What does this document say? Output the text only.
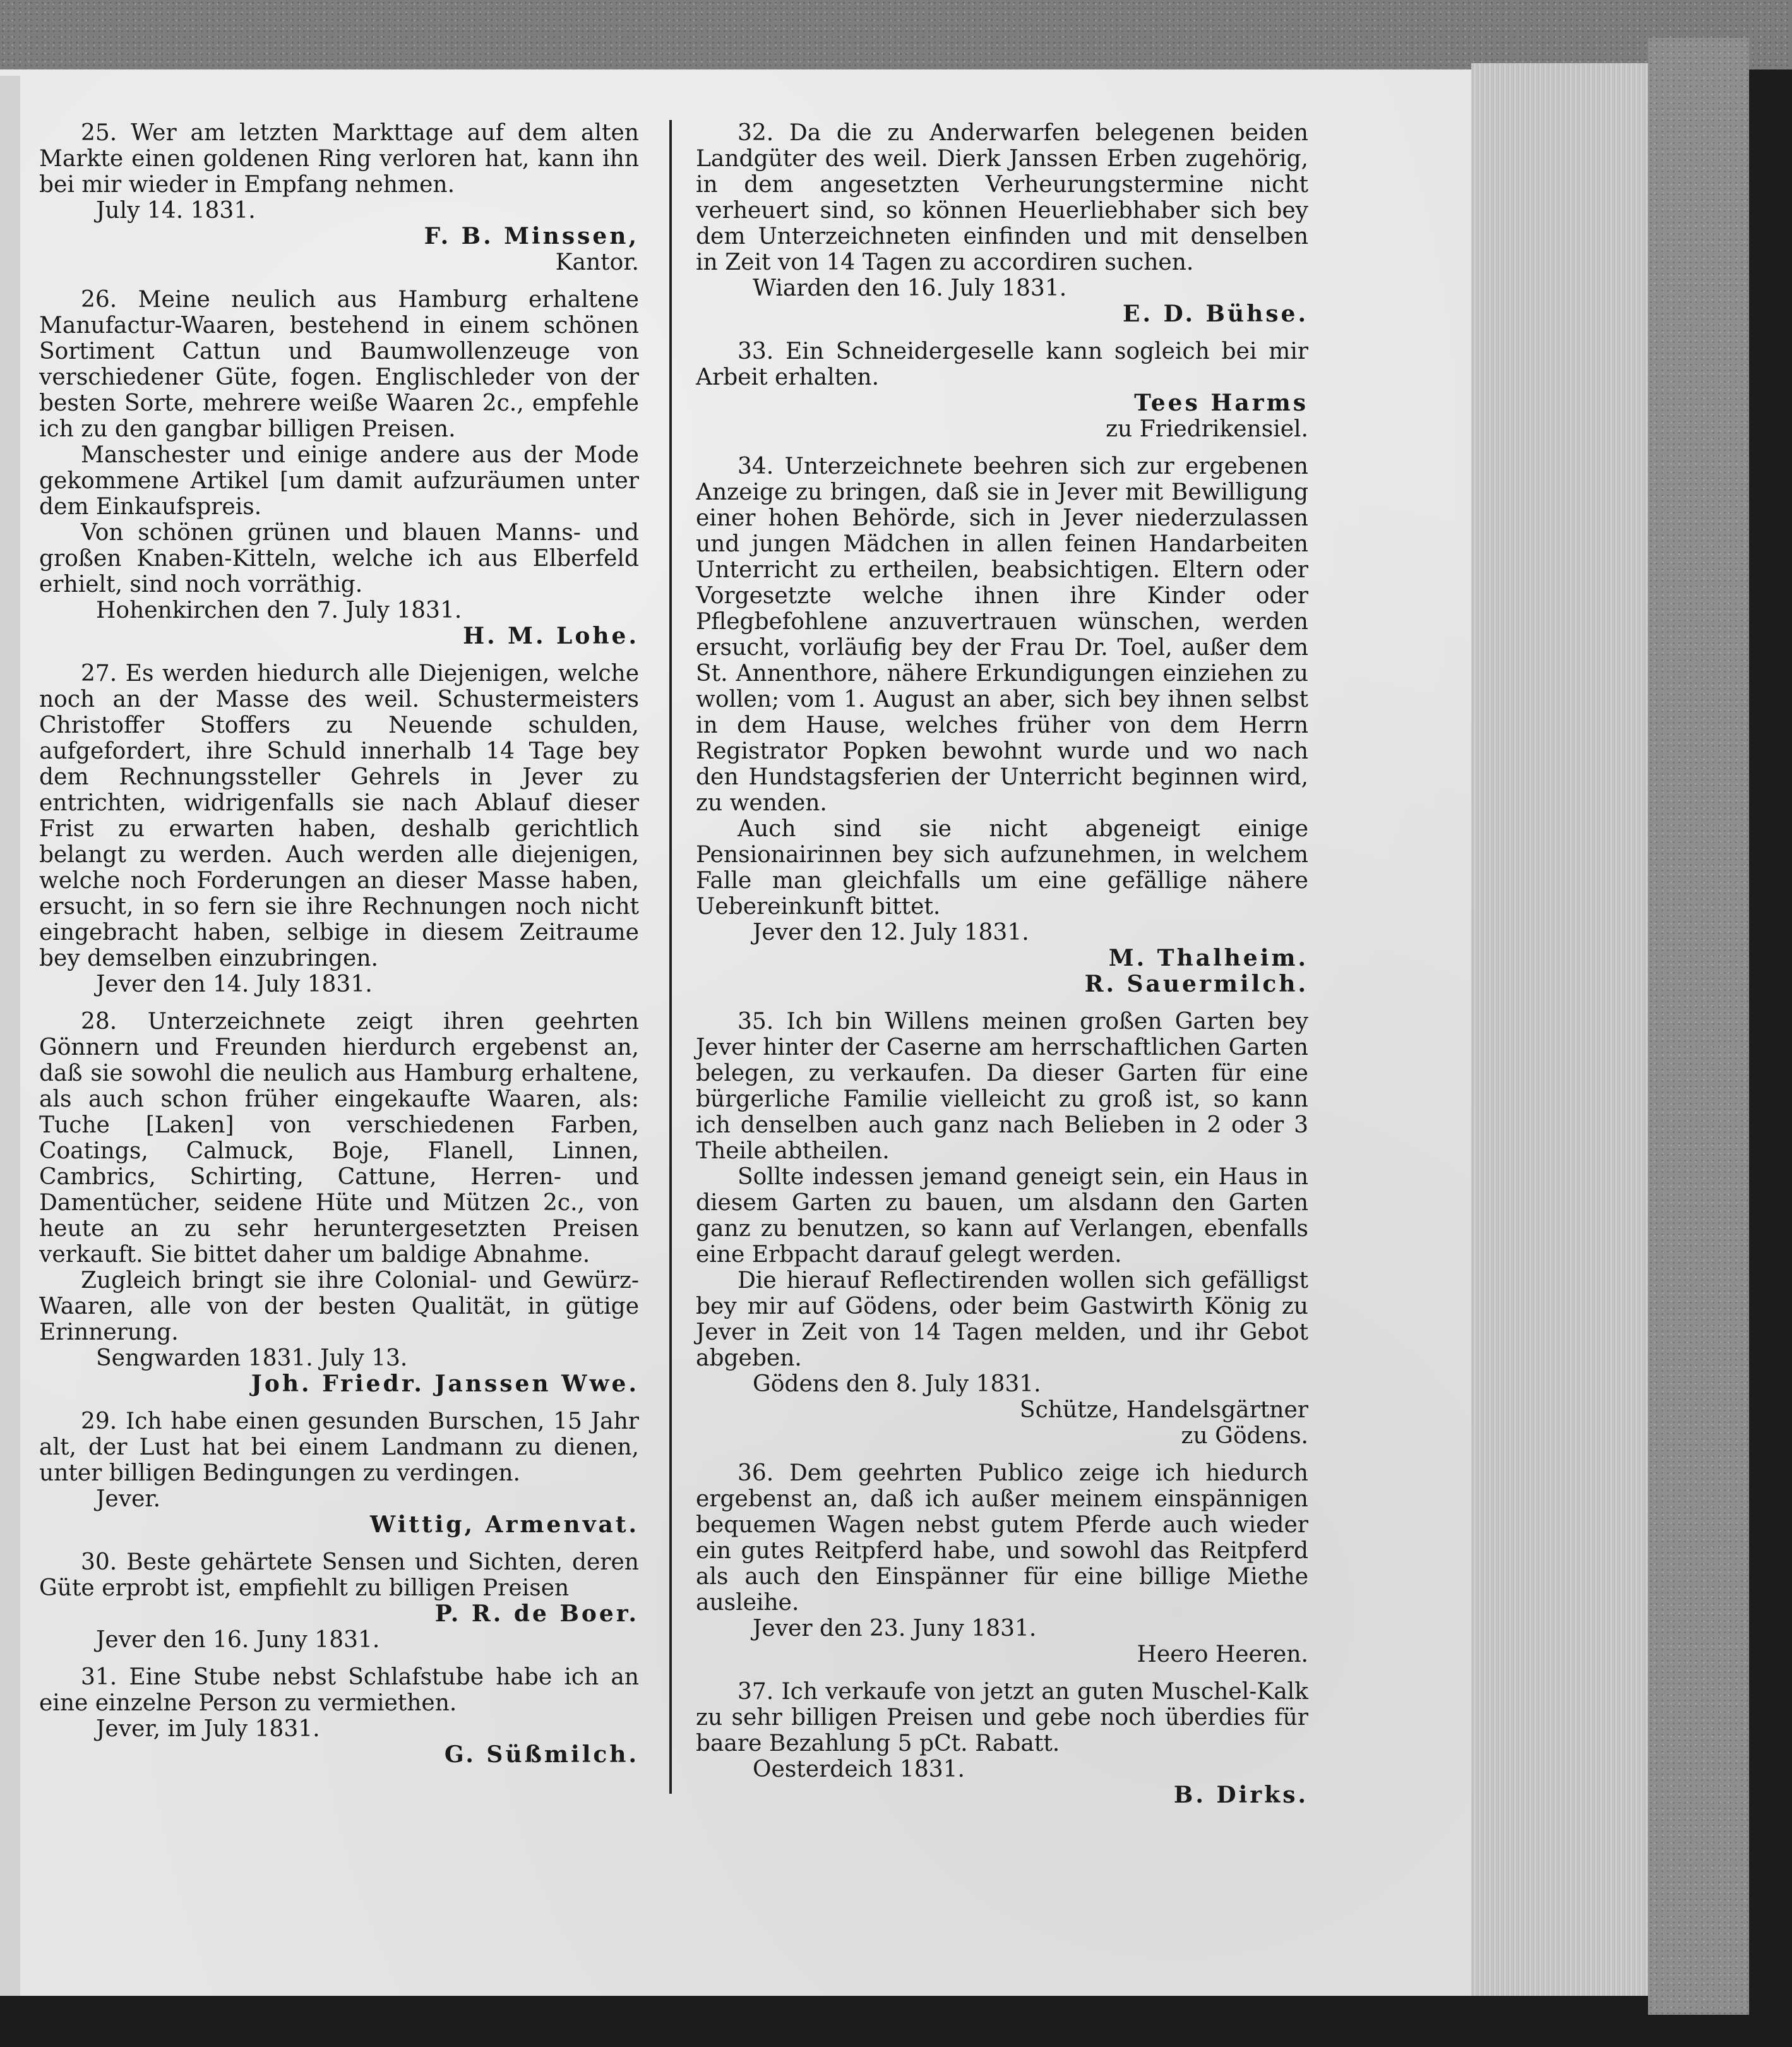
25. Wer am letzten Markttage auf dem alten Markte einen goldenen Ring verloren hat, kann ihn bei mir wieder in Empfang nehmen.

July 14. 1831.
F. B. Minssen,
Kantor.

26. Meine neulich aus Hamburg erhaltene Manufactur-Waaren, bestehend in einem schönen Sortiment Cattun und Baumwollenzeuge von verschiedener Güte, fogen. Englischleder von der besten Sorte, mehrere weiße Waaren 2c., empfehle ich zu den gangbar billigen Preisen.

Manschester und einige andere aus der Mode gekommene Artikel [um damit aufzuräumen unter dem Einkaufspreis.

Von schönen grünen und blauen Manns- und großen Knaben-Kitteln, welche ich aus Elberfeld erhielt, sind noch vorräthig.

Hohenkirchen den 7. July 1831.
H. M. Lohe.

27. Es werden hiedurch alle Diejenigen, welche noch an der Masse des weil. Schustermeisters Christoffer Stoffers zu Neuende schulden, aufgefordert, ihre Schuld innerhalb 14 Tage bey dem Rechnungssteller Gehrels in Jever zu entrichten, widrigenfalls sie nach Ablauf dieser Frist zu erwarten haben, deshalb gerichtlich belangt zu werden. Auch werden alle diejenigen, welche noch Forderungen an dieser Masse haben, ersucht, in so fern sie ihre Rechnungen noch nicht eingebracht haben, selbige in diesem Zeitraume bey demselben einzubringen.

Jever den 14. July 1831.

28. Unterzeichnete zeigt ihren geehrten Gönnern und Freunden hierdurch ergebenst an, daß sie sowohl die neulich aus Hamburg erhaltene, als auch schon früher eingekaufte Waaren, als: Tuche [Laken] von verschiedenen Farben, Coatings, Calmuck, Boje, Flanell, Linnen, Cambrics, Schirting, Cattune, Herren- und Damentücher, seidene Hüte und Mützen 2c., von heute an zu sehr heruntergesetzten Preisen verkauft. Sie bittet daher um baldige Abnahme.

Zugleich bringt sie ihre Colonial- und Gewürz-Waaren, alle von der besten Qualität, in gütige Erinnerung.

Sengwarden 1831. July 13.
Joh. Friedr. Janssen Wwe.

29. Ich habe einen gesunden Burschen, 15 Jahr alt, der Lust hat bei einem Landmann zu dienen, unter billigen Bedingungen zu verdingen.

Jever.
Wittig, Armenvat.

30. Beste gehärtete Sensen und Sichten, deren Güte erprobt ist, empfiehlt zu billigen Preisen

P. R. de Boer.
Jever den 16. Juny 1831.

31. Eine Stube nebst Schlafstube habe ich an eine einzelne Person zu vermiethen.

Jever, im July 1831.
G. Süßmilch.

32. Da die zu Anderwarfen belegenen beiden Landgüter des weil. Dierk Janssen Erben zugehörig, in dem angesetzten Verheurungstermine nicht verheuert sind, so können Heuerliebhaber sich bey dem Unterzeichneten einfinden und mit denselben in Zeit von 14 Tagen zu accordiren suchen.

Wiarden den 16. July 1831.
E. D. Bühse.

33. Ein Schneidergeselle kann sogleich bei mir Arbeit erhalten.

Tees Harms
zu Friedrikensiel.

34. Unterzeichnete beehren sich zur ergebenen Anzeige zu bringen, daß sie in Jever mit Bewilligung einer hohen Behörde, sich in Jever niederzulassen und jungen Mädchen in allen feinen Handarbeiten Unterricht zu ertheilen, beabsichtigen. Eltern oder Vorgesetzte welche ihnen ihre Kinder oder Pflegbefohlene anzuvertrauen wünschen, werden ersucht, vorläufig bey der Frau Dr. Toel, außer dem St. Annenthore, nähere Erkundigungen einziehen zu wollen; vom 1. August an aber, sich bey ihnen selbst in dem Hause, welches früher von dem Herrn Registrator Popken bewohnt wurde und wo nach den Hundstagsferien der Unterricht beginnen wird, zu wenden.

Auch sind sie nicht abgeneigt einige Pensionairinnen bey sich aufzunehmen, in welchem Falle man gleichfalls um eine gefällige nähere Uebereinkunft bittet.

Jever den 12. July 1831.
M. Thalheim.
R. Sauermilch.

35. Ich bin Willens meinen großen Garten bey Jever hinter der Caserne am herrschaftlichen Garten belegen, zu verkaufen. Da dieser Garten für eine bürgerliche Familie vielleicht zu groß ist, so kann ich denselben auch ganz nach Belieben in 2 oder 3 Theile abtheilen.

Sollte indessen jemand geneigt sein, ein Haus in diesem Garten zu bauen, um alsdann den Garten ganz zu benutzen, so kann auf Verlangen, ebenfalls eine Erbpacht darauf gelegt werden.

Die hierauf Reflectirenden wollen sich gefälligst bey mir auf Gödens, oder beim Gastwirth König zu Jever in Zeit von 14 Tagen melden, und ihr Gebot abgeben.

Gödens den 8. July 1831.
Schütze, Handelsgärtner
zu Gödens.

36. Dem geehrten Publico zeige ich hiedurch ergebenst an, daß ich außer meinem einspännigen bequemen Wagen nebst gutem Pferde auch wieder ein gutes Reitpferd habe, und sowohl das Reitpferd als auch den Einspänner für eine billige Miethe ausleihe.

Jever den 23. Juny 1831.
Heero Heeren.

37. Ich verkaufe von jetzt an guten Muschel-Kalk zu sehr billigen Preisen und gebe noch überdies für baare Bezahlung 5 pCt. Rabatt.

Oesterdeich 1831.
B. Dirks.
